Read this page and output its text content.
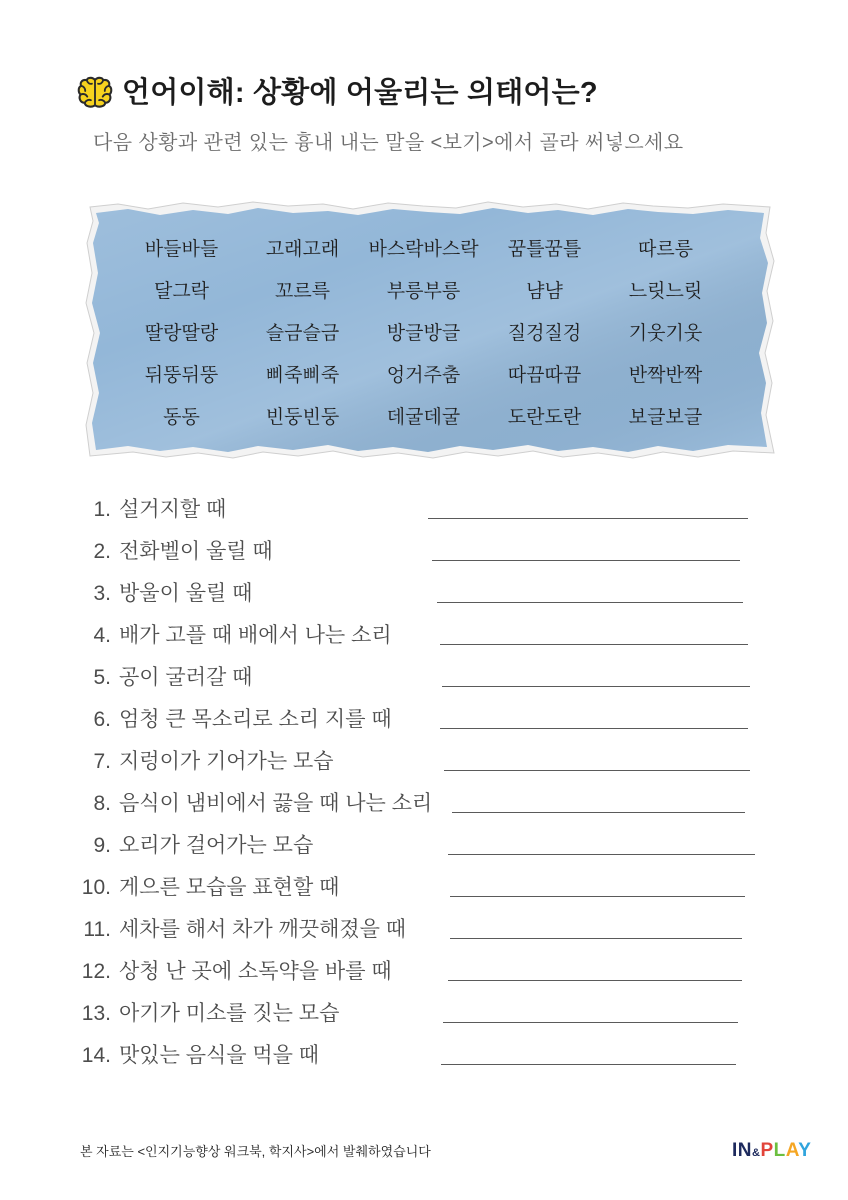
언어이해: 상황에 어울리는 의태어는?

다음 상황과 관련 있는 흉내 내는 말을 <보기>에서 골라 써넣으세요

바들바들	고래고래 바스락바스락 꿈틀꿈틀	따르릉
달그락	꼬르륵	부릉부릉	냠냠	느릿느릿
딸랑딸랑	슬금슬금	방글방글	질겅질겅	기웃기웃
뒤뚱뒤뚱	삐죽삐죽	엉거주춤	따끔따끔	반짝반짝
동동	빈둥빈둥	데굴데굴	도란도란	보글보글
1. 설거지할 때
2. 전화벨이 울릴 때
3. 방울이 울릴 때
4. 배가 고플 때 배에서 나는 소리
5. 공이 굴러갈 때
6. 엄청 큰 목소리로 소리 지를 때
7. 지렁이가 기어가는 모습
8. 음식이 냄비에서 끓을 때 나는 소리
9. 오리가 걸어가는 모습
10. 게으른 모습을 표현할 때
11. 세차를 해서 차가 깨끗해졌을 때
12. 상청 난 곳에 소독약을 바를 때
13. 아기가 미소를 짓는 모습
14. 맛있는 음식을 먹을 때

본 자료는 <인지기능향상 워크북, 학지사>에서 발췌하였습니다	IN&PLAY
